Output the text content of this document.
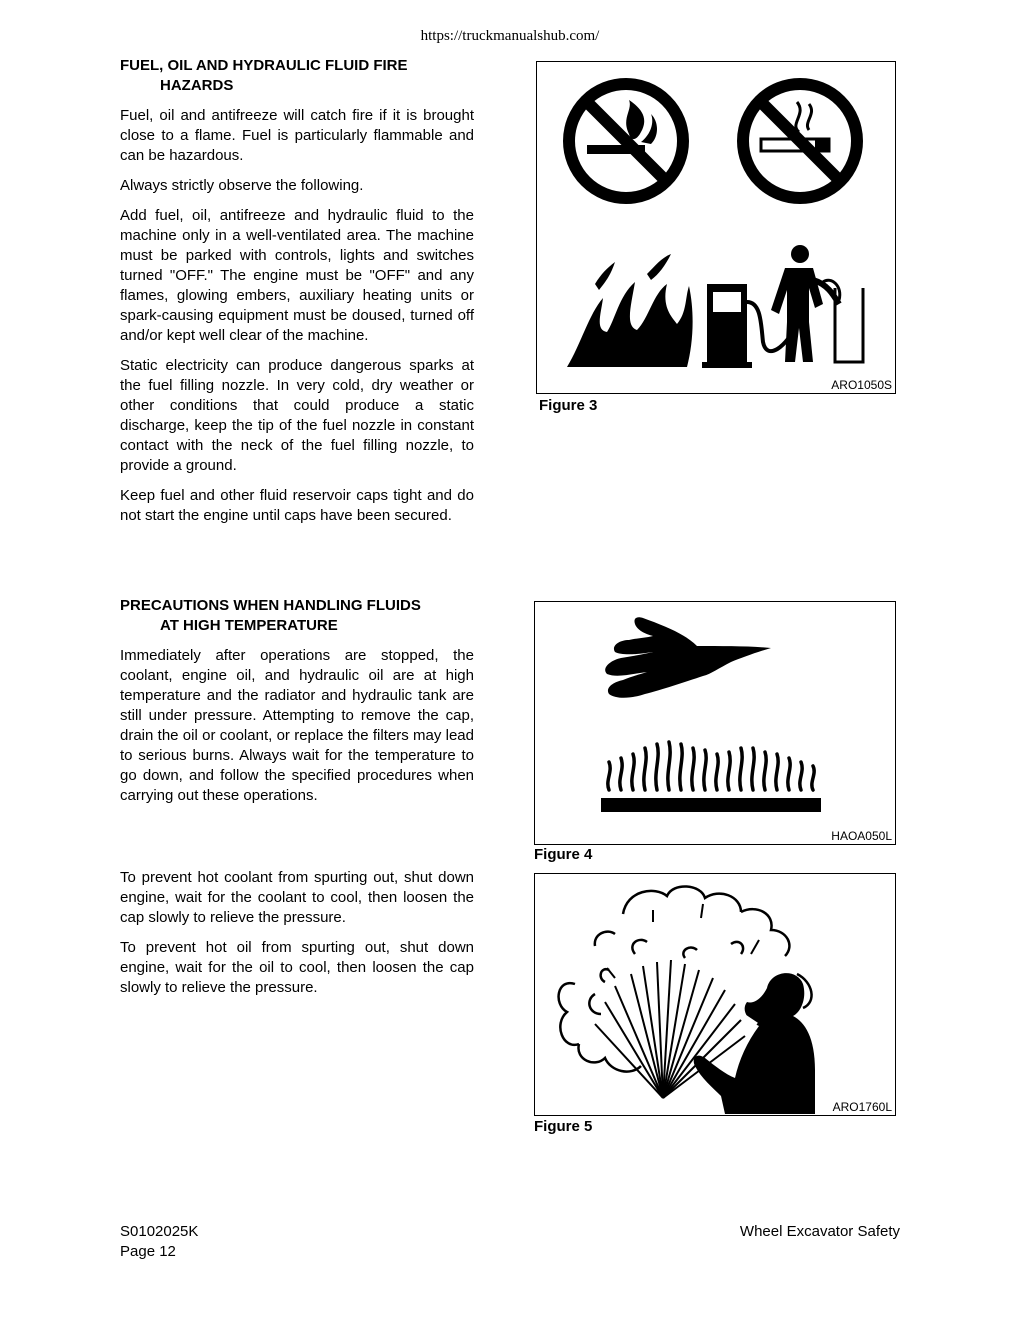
https://truckmanualshub.com/
FUEL, OIL AND HYDRAULIC FLUID FIRE
HAZARDS

Fuel, oil and antifreeze will catch fire if it is brought close to a flame. Fuel is particularly flammable and can be hazardous.

Always strictly observe the following.

Add fuel, oil, antifreeze and hydraulic fluid to the machine only in a well-ventilated area. The machine must be parked with controls, lights and switches turned "OFF." The engine must be "OFF" and any flames, glowing embers, auxiliary heating units or spark-causing equipment must be doused, turned off and/or kept well clear of the machine.

Static electricity can produce dangerous sparks at the fuel filling nozzle. In very cold, dry weather or other conditions that could produce a static discharge, keep the tip of the fuel nozzle in constant contact with the neck of the fuel filling nozzle, to provide a ground.

Keep fuel and other fluid reservoir caps tight and do not start the engine until caps have been secured.

PRECAUTIONS WHEN HANDLING FLUIDS
AT HIGH TEMPERATURE

Immediately after operations are stopped, the coolant, engine oil, and hydraulic oil are at high temperature and the radiator and hydraulic tank are still under pressure. Attempting to remove the cap, drain the oil or coolant, or replace the filters may lead to serious burns. Always wait for the temperature to go down, and follow the specified procedures when carrying out these operations.

To prevent hot coolant from spurting out, shut down engine, wait for the coolant to cool, then loosen the cap slowly to relieve the pressure.

To prevent hot oil from spurting out, shut down engine, wait for the oil to cool, then loosen the cap slowly to relieve the pressure.

ARO1050S
Figure 3
HAOA050L
Figure 4
ARO1760L
Figure 5
S0102025K
Page 12
Wheel Excavator Safety
